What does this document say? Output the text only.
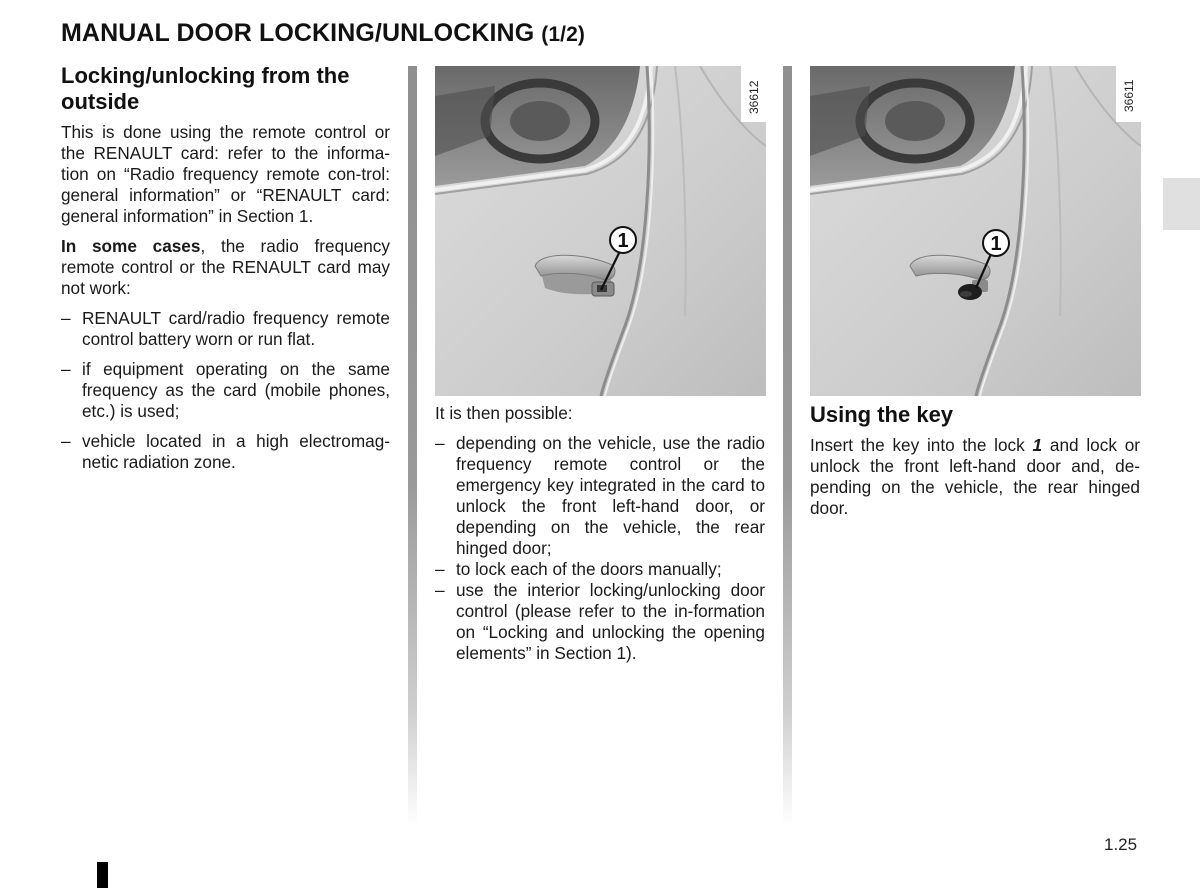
MANUAL DOOR LOCKING/UNLOCKING (1/2)
Locking/unlocking from the outside

This is done using the remote control or the RENAULT card: refer to the informa-tion on “Radio frequency remote con-trol: general information” or “RENAULT card: general information” in Section 1.

In some cases, the radio frequency remote control or the RENAULT card may not work:

– RENAULT card/radio frequency remote control battery worn or run flat.
– if equipment operating on the same frequency as the card (mobile phones, etc.) is used;
– vehicle located in a high electromag-netic radiation zone.
1
36612

It is then possible:

– depending on the vehicle, use the radio frequency remote control or the emergency key integrated in the card to unlock the front left-hand door, or depending on the vehicle, the rear hinged door;
– to lock each of the doors manually;
– use the interior locking/unlocking door control (please refer to the in-formation on “Locking and unlocking the opening elements” in Section 1).
1
36611
Using the key

Insert the key into the lock 1 and lock or unlock the front left-hand door and, de-pending on the vehicle, the rear hinged door.

1.25
